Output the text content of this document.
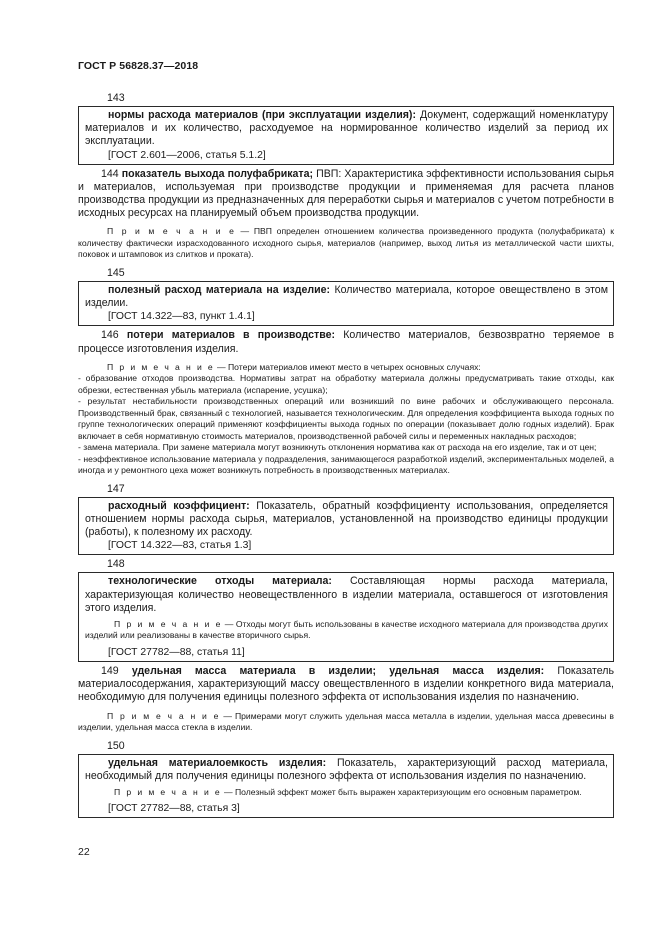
ГОСТ Р 56828.37—2018
143
нормы расхода материалов (при эксплуатации изделия): Документ, содержащий номенклатуру материалов и их количество, расходуемое на нормированное количество изделий за период их эксплуатации.
[ГОСТ 2.601—2006, статья 5.1.2]
144 показатель выхода полуфабриката; ПВП: Характеристика эффективности использования сырья и материалов, используемая при производстве продукции и применяемая для расчета планов производства продукции из предназначенных для переработки сырья и материалов с учетом потребности в исходных ресурсах на планируемый объем производства продукции.
П р и м е ч а н и е — ПВП определен отношением количества произведенного продукта (полуфабриката) к количеству фактически израсходованного исходного сырья, материалов (например, выход литья из металлической части шихты, поковок и штамповок из слитков и проката).
145
полезный расход материала на изделие: Количество материала, которое овеществлено в этом изделии.
[ГОСТ 14.322—83, пункт 1.4.1]
146 потери материалов в производстве: Количество материалов, безвозвратно теряемое в процессе изготовления изделия.
П р и м е ч а н и е — Потери материалов имеют место в четырех основных случаях:
- образование отходов производства. Нормативы затрат на обработку материала должны предусматривать такие отходы, как обрезки, естественная убыль материала (испарение, усушка);
- результат нестабильности производственных операций или возникший по вине рабочих и обслуживающего персонала. Производственный брак, связанный с технологией, называется технологическим. Для определения коэффициента выхода годных по группе технологических операций применяют коэффициенты выхода годных по операции (показывает долю годных изделий). Брак включает в себя нормативную стоимость материалов, производственной рабочей силы и переменных накладных расходов;
- замена материала. При замене материала могут возникнуть отклонения норматива как от расхода на его изделие, так и от цен;
- неэффективное использование материала у подразделения, занимающегося разработкой изделий, экспериментальных моделей, а иногда и у ремонтного цеха может возникнуть потребность в производственных материалах.
147
расходный коэффициент: Показатель, обратный коэффициенту использования, определяется отношением нормы расхода сырья, материалов, установленной на производство единицы продукции (работы), к полезному их расходу.
[ГОСТ 14.322—83, статья 1.3]
148
технологические отходы материала: Составляющая нормы расхода материала, характеризующая количество неовеществленного в изделии материала, оставшегося от изготовления этого изделия.
П р и м е ч а н и е — Отходы могут быть использованы в качестве исходного материала для производства других изделий или реализованы в качестве вторичного сырья.
[ГОСТ 27782—88, статья 11]
149 удельная масса материала в изделии; удельная масса изделия: Показатель материалосодержания, характеризующий массу овеществленного в изделии конкретного вида материала, необходимую для получения единицы полезного эффекта от использования изделия по назначению.
П р и м е ч а н и е — Примерами могут служить удельная масса металла в изделии, удельная масса древесины в изделии, удельная масса стекла в изделии.
150
удельная материалоемкость изделия: Показатель, характеризующий расход материала, необходимый для получения единицы полезного эффекта от использования изделия по назначению.
П р и м е ч а н и е — Полезный эффект может быть выражен характеризующим его основным параметром.
[ГОСТ 27782—88, статья 3]
22
